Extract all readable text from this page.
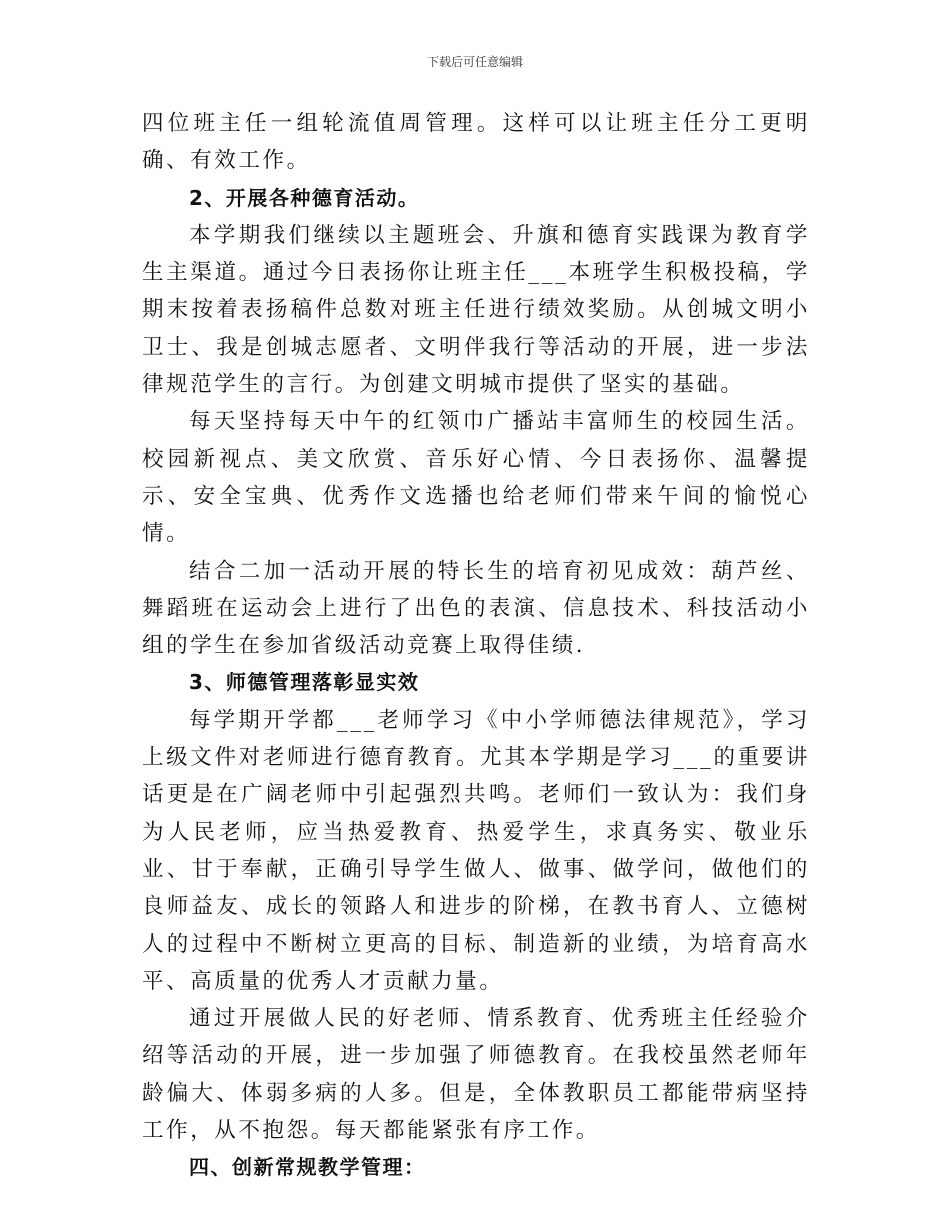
下载后可任意编辑

四位班主任一组轮流值周管理。这样可以让班主任分工更明确、有效工作。

2、开展各种德育活动。

本学期我们继续以主题班会、升旗和德育实践课为教育学生主渠道。通过今日表扬你让班主任___本班学生积极投稿，学期末按着表扬稿件总数对班主任进行绩效奖励。从创城文明小卫士、我是创城志愿者、文明伴我行等活动的开展，进一步法律规范学生的言行。为创建文明城市提供了坚实的基础。

每天坚持每天中午的红领巾广播站丰富师生的校园生活。校园新视点、美文欣赏、音乐好心情、今日表扬你、温馨提示、安全宝典、优秀作文选播也给老师们带来午间的愉悦心情。

结合二加一活动开展的特长生的培育初见成效：葫芦丝、舞蹈班在运动会上进行了出色的表演、信息技术、科技活动小组的学生在参加省级活动竞赛上取得佳绩.

3、师德管理落彰显实效

每学期开学都___老师学习《中小学师德法律规范》，学习上级文件对老师进行德育教育。尤其本学期是学习___的重要讲话更是在广阔老师中引起强烈共鸣。老师们一致认为：我们身为人民老师，应当热爱教育、热爱学生，求真务实、敬业乐业、甘于奉献，正确引导学生做人、做事、做学问，做他们的良师益友、成长的领路人和进步的阶梯，在教书育人、立德树人的过程中不断树立更高的目标、制造新的业绩，为培育高水平、高质量的优秀人才贡献力量。

通过开展做人民的好老师、情系教育、优秀班主任经验介绍等活动的开展，进一步加强了师德教育。在我校虽然老师年龄偏大、体弱多病的人多。但是，全体教职员工都能带病坚持工作，从不抱怨。每天都能紧张有序工作。

四、创新常规教学管理：
